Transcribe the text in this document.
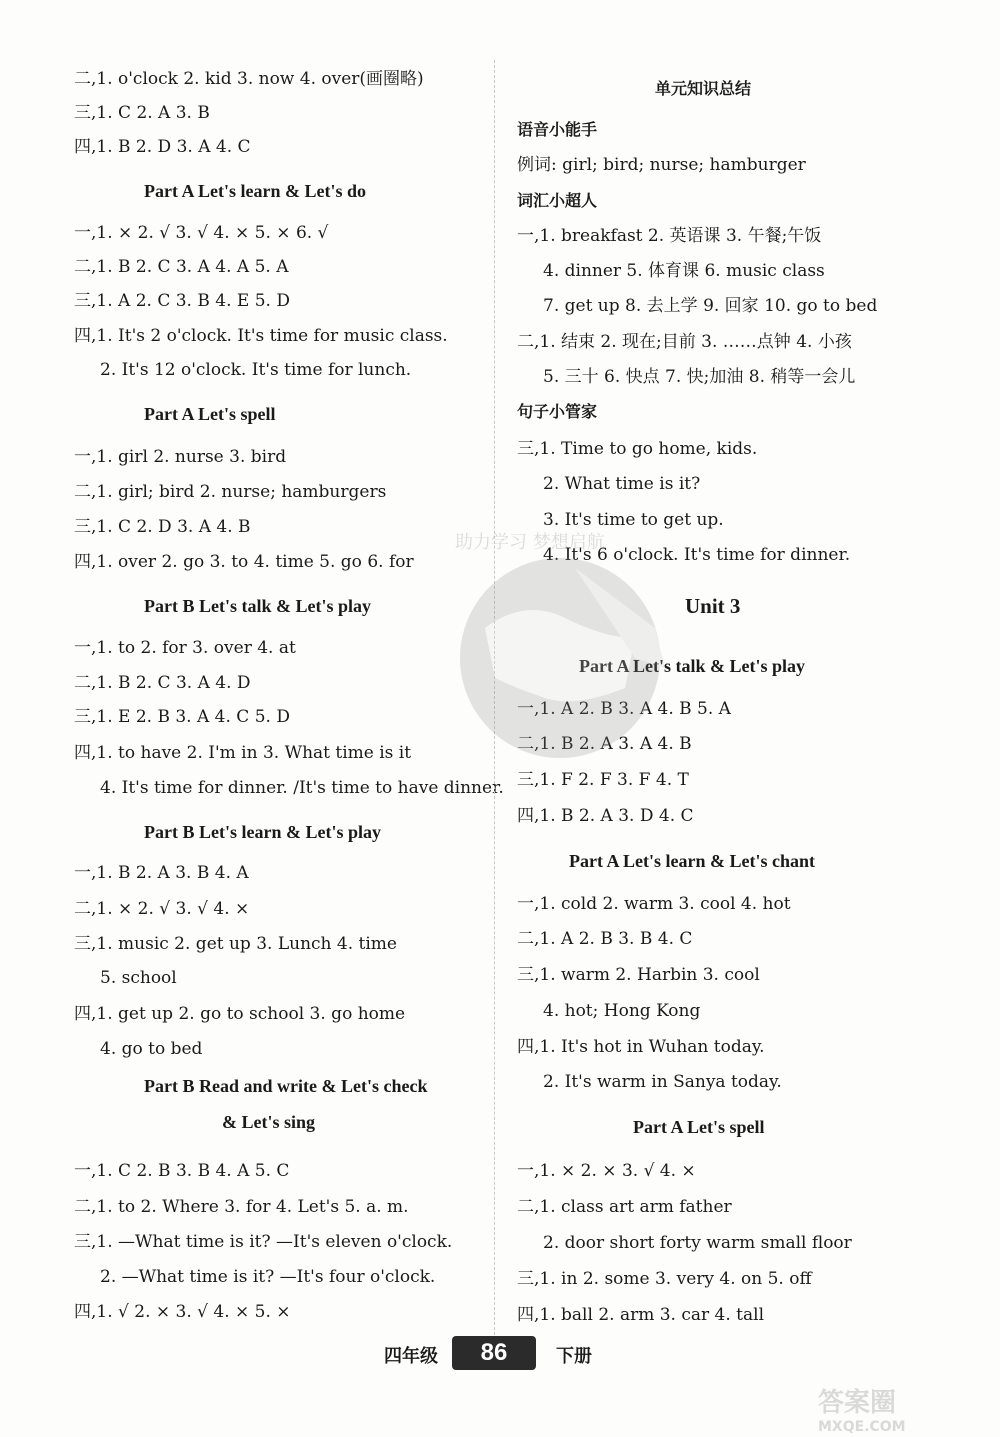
二,1. o'clock 2. kid 3. now 4. over(画圈略)
三,1. C 2. A 3. B
四,1. B 2. D 3. A 4. C
Part A Let's learn & Let's do
一,1. × 2. √ 3. √ 4. × 5. × 6. √
二,1. B 2. C 3. A 4. A 5. A
三,1. A 2. C 3. B 4. E 5. D
四,1. It's 2 o'clock. It's time for music class.
2. It's 12 o'clock. It's time for lunch.
Part A Let's spell
一,1. girl 2. nurse 3. bird
二,1. girl; bird 2. nurse; hamburgers
三,1. C 2. D 3. A 4. B
四,1. over 2. go 3. to 4. time 5. go 6. for
Part B Let's talk & Let's play
一,1. to 2. for 3. over 4. at
二,1. B 2. C 3. A 4. D
三,1. E 2. B 3. A 4. C 5. D
四,1. to have 2. I'm in 3. What time is it
4. It's time for dinner. /It's time to have dinner.
Part B Let's learn & Let's play
一,1. B 2. A 3. B 4. A
二,1. × 2. √ 3. √ 4. ×
三,1. music 2. get up 3. Lunch 4. time
5. school
四,1. get up 2. go to school 3. go home
4. go to bed
Part B Read and write & Let's check
& Let's sing
一,1. C 2. B 3. B 4. A 5. C
二,1. to 2. Where 3. for 4. Let's 5. a. m.
三,1. —What time is it? —It's eleven o'clock.
2. —What time is it? —It's four o'clock.
四,1. √ 2. × 3. √ 4. × 5. ×
单元知识总结
语音小能手
例词: girl; bird; nurse; hamburger
词汇小超人
一,1. breakfast 2. 英语课 3. 午餐;午饭
4. dinner 5. 体育课 6. music class
7. get up 8. 去上学 9. 回家 10. go to bed
二,1. 结束 2. 现在;目前 3. ……点钟 4. 小孩
5. 三十 6. 快点 7. 快;加油 8. 稍等一会儿
句子小管家
三,1. Time to go home, kids.
2. What time is it?
3. It's time to get up.
4. It's 6 o'clock. It's time for dinner.
Unit 3
Part A Let's talk & Let's play
一,1. A 2. B 3. A 4. B 5. A
二,1. B 2. A 3. A 4. B
三,1. F 2. F 3. F 4. T
四,1. B 2. A 3. D 4. C
Part A Let's learn & Let's chant
一,1. cold 2. warm 3. cool 4. hot
二,1. A 2. B 3. B 4. C
三,1. warm 2. Harbin 3. cool
4. hot; Hong Kong
四,1. It's hot in Wuhan today.
2. It's warm in Sanya today.
Part A Let's spell
一,1. × 2. × 3. √ 4. ×
二,1. class art arm father
2. door short forty warm small floor
三,1. in 2. some 3. very 4. on 5. off
四,1. ball 2. arm 3. car 4. tall
助力学习 梦想启航
四年级	86	下册
答案圈
MXQE.COM
